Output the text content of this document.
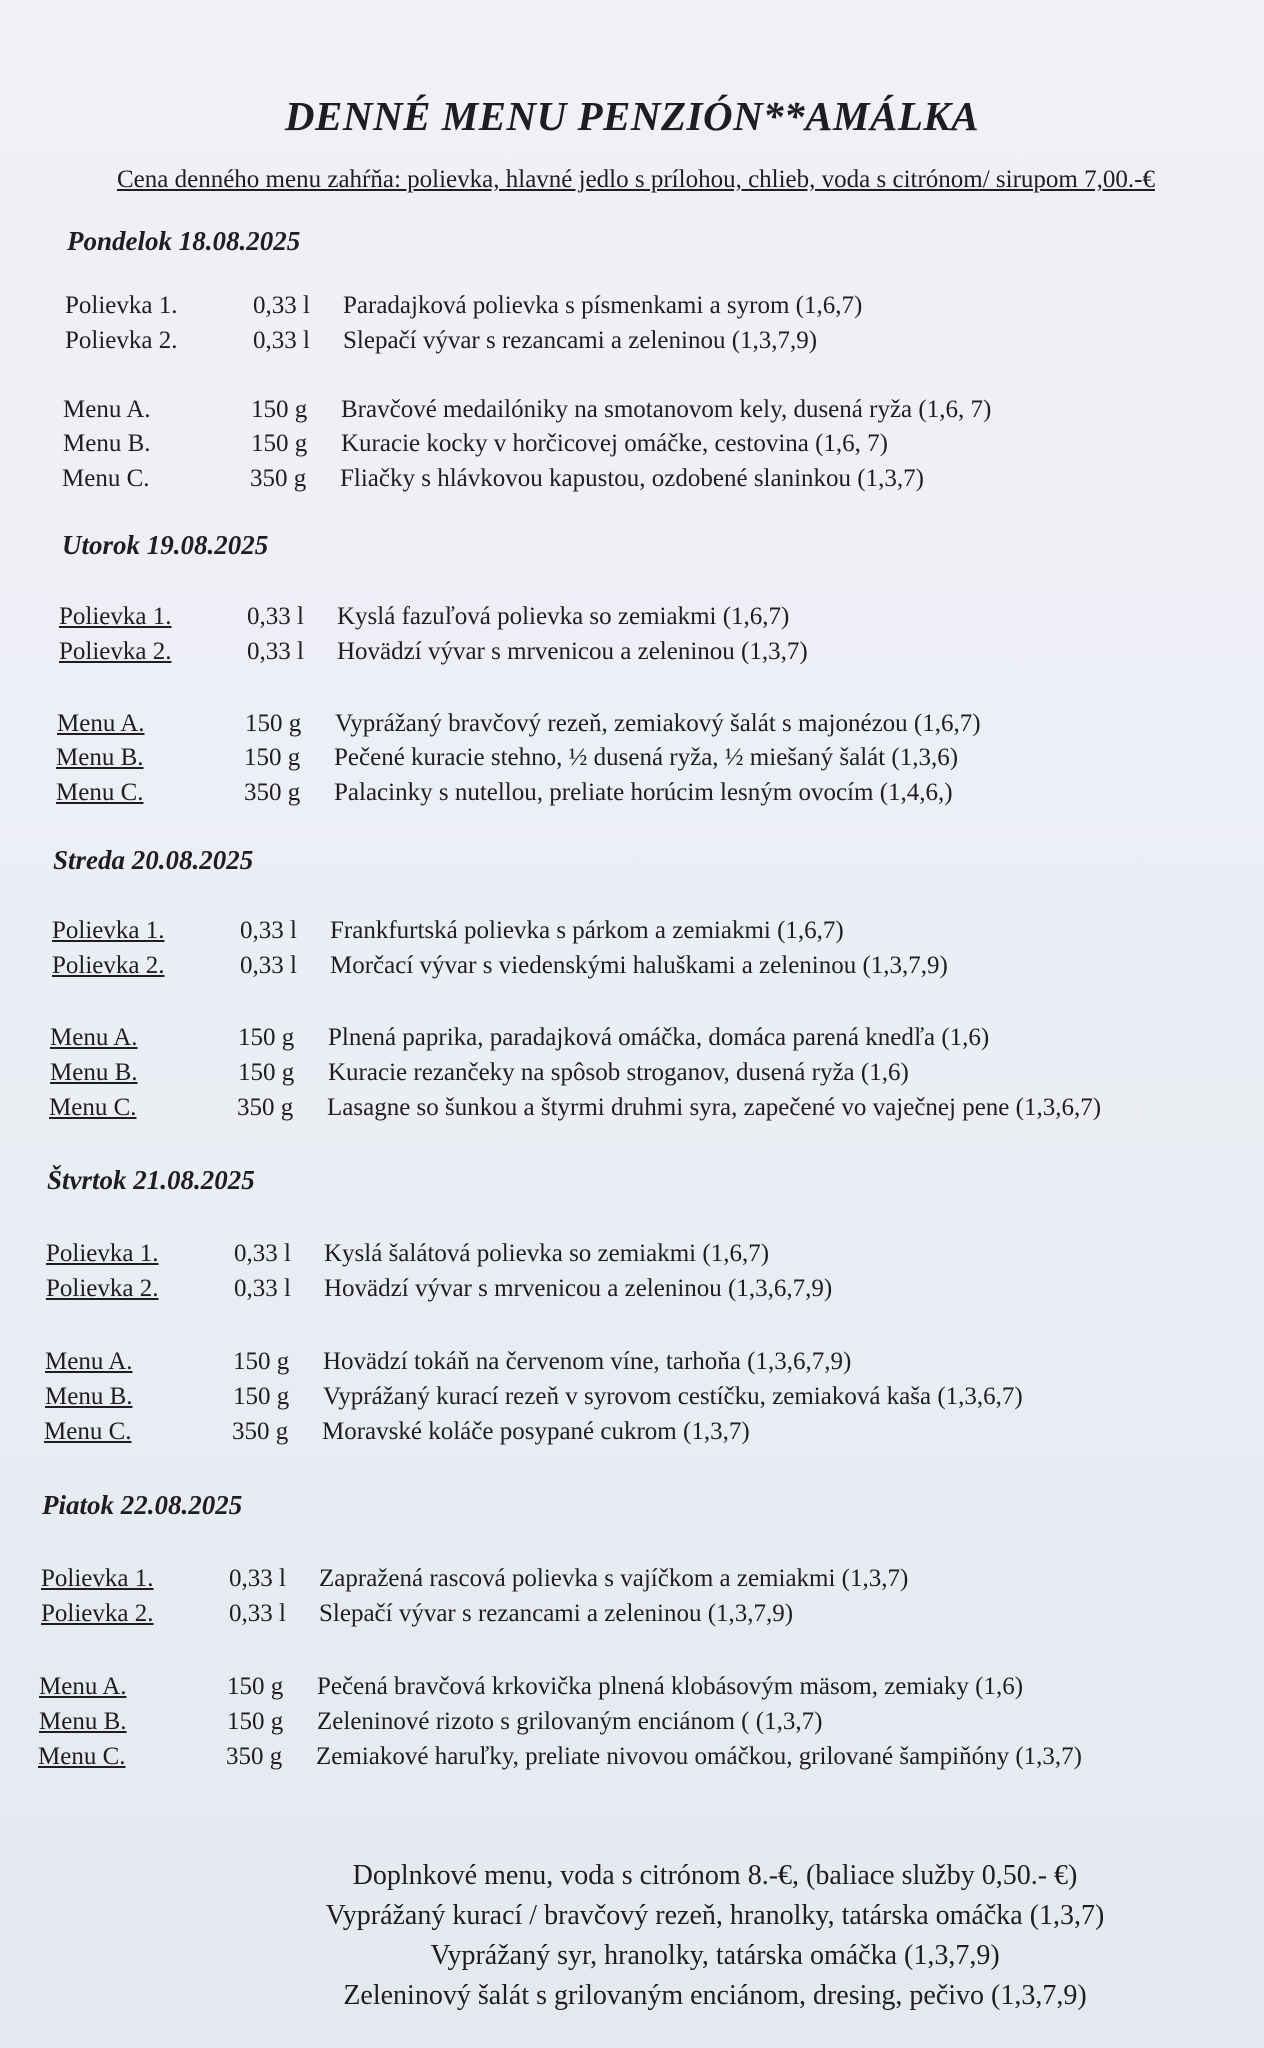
DENNÉ MENU PENZIÓN**AMÁLKA
Cena denného menu zahŕňa: polievka, hlavné jedlo s prílohou, chlieb, voda s citrónom/ sirupom 7,00.-€
Pondelok 18.08.2025
Polievka 1.	0,33 l Paradajková polievka s písmenkami a syrom (1,6,7)
Polievka 2.	0,33 l Slepačí vývar s rezancami a zeleninou (1,3,7,9)
Menu A.	150 g Bravčové medailóniky na smotanovom kely, dusená ryža (1,6, 7)
Menu B.	150 g Kuracie kocky v horčicovej omáčke, cestovina (1,6, 7)
Menu C.	350 g Fliačky s hlávkovou kapustou, ozdobené slaninkou (1,3,7)
Utorok 19.08.2025
Polievka 1.	0,33 l Kyslá fazuľová polievka so zemiakmi (1,6,7)
Polievka 2.	0,33 l Hovädzí vývar s mrvenicou a zeleninou (1,3,7)
Menu A.	150 g Vyprážaný bravčový rezeň, zemiakový šalát s majonézou (1,6,7)
Menu B.	150 g Pečené kuracie stehno, ½ dusená ryža, ½ miešaný šalát (1,3,6)
Menu C.	350 g Palacinky s nutellou, preliate horúcim lesným ovocím (1,4,6,)
Streda 20.08.2025
Polievka 1.	0,33 l Frankfurtská polievka s párkom a zemiakmi (1,6,7)
Polievka 2.	0,33 l Morčací vývar s viedenskými haluškami a zeleninou (1,3,7,9)
Menu A.	150 g Plnená paprika, paradajková omáčka, domáca parená knedľa (1,6)
Menu B.	150 g Kuracie rezančeky na spôsob stroganov, dusená ryža (1,6)
Menu C.	350 g Lasagne so šunkou a štyrmi druhmi syra, zapečené vo vaječnej pene (1,3,6,7)
Štvrtok 21.08.2025
Polievka 1.	0,33 l Kyslá šalátová polievka so zemiakmi (1,6,7)
Polievka 2.	0,33 l Hovädzí vývar s mrvenicou a zeleninou (1,3,6,7,9)
Menu A.	150 g Hovädzí tokáň na červenom víne, tarhoňa (1,3,6,7,9)
Menu B.	150 g Vyprážaný kurací rezeň v syrovom cestíčku, zemiaková kaša (1,3,6,7)
Menu C.	350 g Moravské koláče posypané cukrom (1,3,7)
Piatok 22.08.2025
Polievka 1.	0,33 l Zapražená rascová polievka s vajíčkom a zemiakmi (1,3,7)
Polievka 2.	0,33 l Slepačí vývar s rezancami a zeleninou (1,3,7,9)
Menu A.	150 g Pečená bravčová krkovička plnená klobásovým mäsom, zemiaky (1,6)
Menu B.	150 g Zeleninové rizoto s grilovaným enciánom ( (1,3,7)
Menu C.	350 g Zemiakové haruľky, preliate nivovou omáčkou, grilované šampiňóny (1,3,7)
Doplnkové menu, voda s citrónom 8.-€, (baliace služby 0,50.- €)
Vyprážaný kurací / bravčový rezeň, hranolky, tatárska omáčka (1,3,7)
Vyprážaný syr, hranolky, tatárska omáčka (1,3,7,9)
Zeleninový šalát s grilovaným enciánom, dresing, pečivo (1,3,7,9)
